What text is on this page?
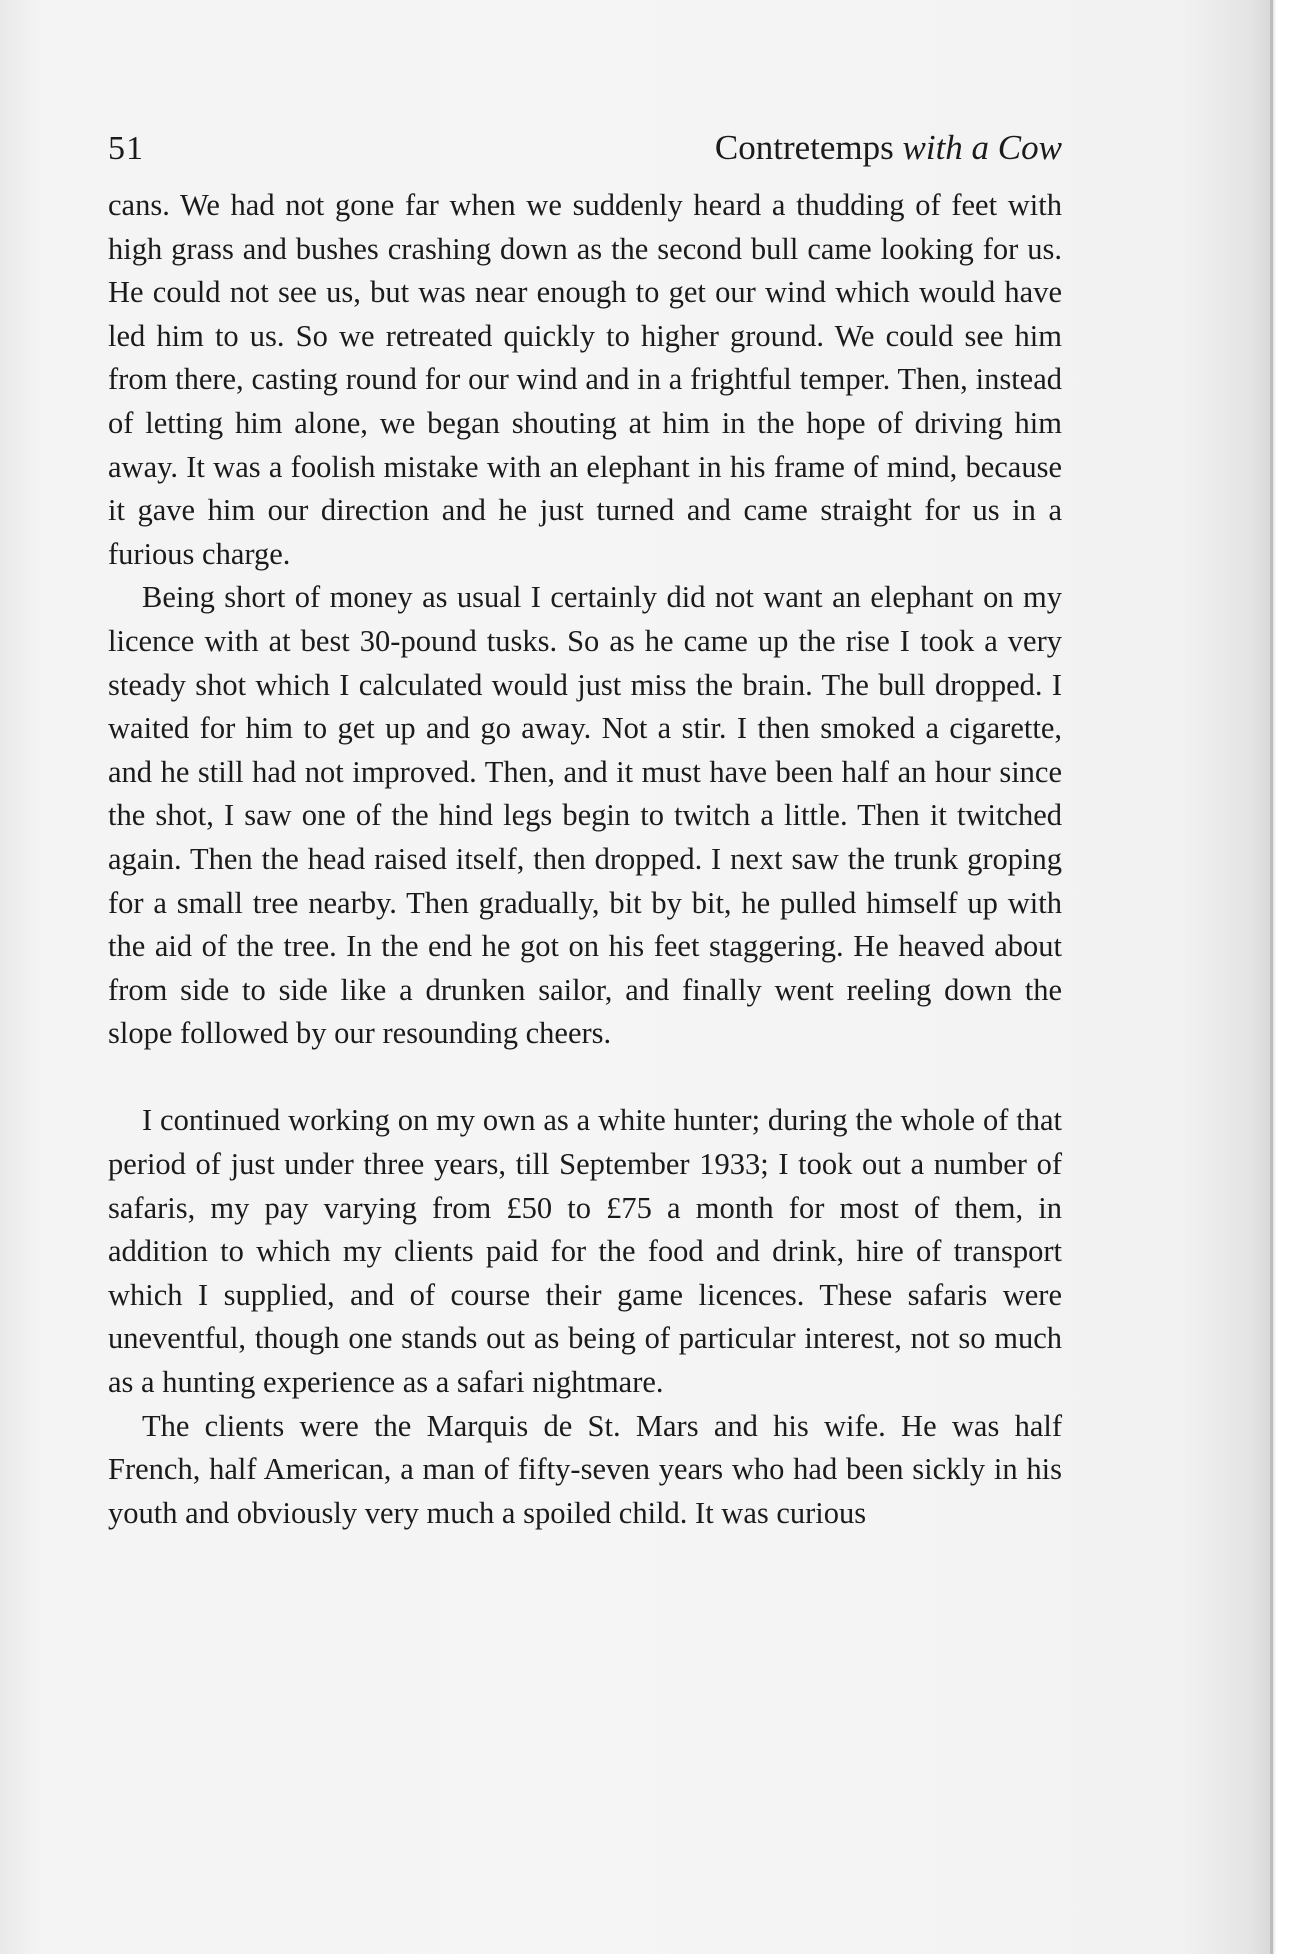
51	Contretemps with a Cow

cans. We had not gone far when we suddenly heard a thudding of feet with high grass and bushes crashing down as the second bull came looking for us. He could not see us, but was near enough to get our wind which would have led him to us. So we retreated quickly to higher ground. We could see him from there, casting round for our wind and in a frightful temper. Then, instead of letting him alone, we began shouting at him in the hope of driving him away. It was a foolish mistake with an elephant in his frame of mind, because it gave him our direction and he just turned and came straight for us in a furious charge.

Being short of money as usual I certainly did not want an elephant on my licence with at best 30-pound tusks. So as he came up the rise I took a very steady shot which I calculated would just miss the brain. The bull dropped. I waited for him to get up and go away. Not a stir. I then smoked a cigarette, and he still had not improved. Then, and it must have been half an hour since the shot, I saw one of the hind legs begin to twitch a little. Then it twitched again. Then the head raised itself, then dropped. I next saw the trunk groping for a small tree nearby. Then gradually, bit by bit, he pulled himself up with the aid of the tree. In the end he got on his feet staggering. He heaved about from side to side like a drunken sailor, and finally went reeling down the slope followed by our resounding cheers.

I continued working on my own as a white hunter; during the whole of that period of just under three years, till September 1933; I took out a number of safaris, my pay varying from £50 to £75 a month for most of them, in addition to which my clients paid for the food and drink, hire of transport which I supplied, and of course their game licences. These safaris were uneventful, though one stands out as being of particular interest, not so much as a hunting experience as a safari nightmare.

The clients were the Marquis de St. Mars and his wife. He was half French, half American, a man of fifty-seven years who had been sickly in his youth and obviously very much a spoiled child. It was curious
